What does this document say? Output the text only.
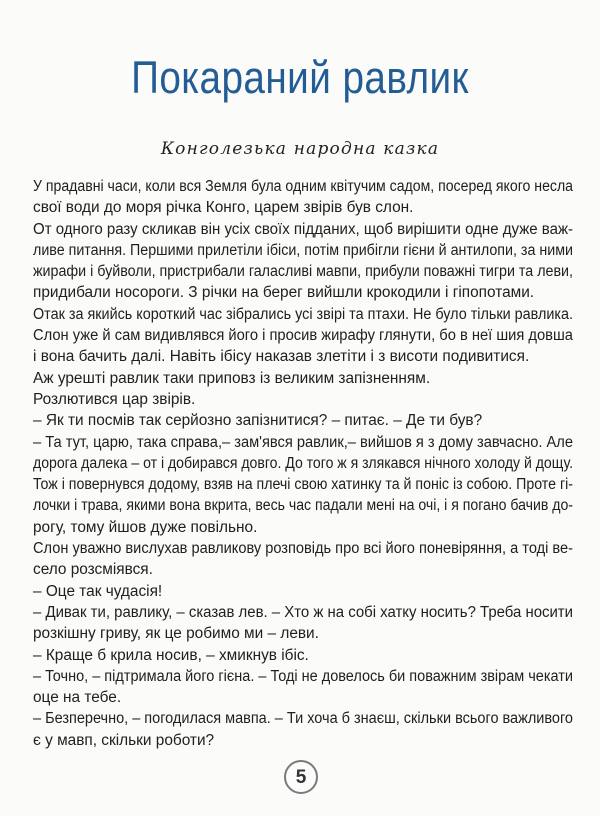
Покараний равлик
Конголезька народна казка
У прадавні часи, коли вся Земля була одним квітучим садом, посеред якого несла
свої води до моря річка Конго, царем звірів був слон.
От одного разу скликав він усіх своїх підданих, щоб вирішити одне дуже важ-
ливе питання. Першими прилетіли ібіси, потім прибігли гієни й антилопи, за ними
жирафи і буйволи, пристрибали галасливі мавпи, прибули поважні тигри та леви,
придибали носороги. З річки на берег вийшли крокодили і гіпопотами.
Отак за якийсь короткий час зібрались усі звірі та птахи. Не було тільки равлика.
Слон уже й сам видивлявся його і просив жирафу глянути, бо в неї шия довша
і вона бачить далі. Навіть ібісу наказав злетіти і з висоти подивитися.
Аж урешті равлик таки приповз із великим запізненням.
Розлютився цар звірів.
– Як ти посмів так серйозно запізнитися? – питає. – Де ти був?
– Та тут, царю, така справа,– зам'явся равлик,– вийшов я з дому завчасно. Але
дорога далека – от і добирався довго. До того ж я злякався нічного холоду й дощу.
Тож і повернувся додому, взяв на плечі свою хатинку та й поніс із собою. Проте гі-
лочки і трава, якими вона вкрита, весь час падали мені на очі, і я погано бачив до-
рогу, тому йшов дуже повільно.
Слон уважно вислухав равликову розповідь про всі його поневіряння, а тоді ве-
село розсміявся.
– Оце так чудасія!
– Дивак ти, равлику, – сказав лев. – Хто ж на собі хатку носить? Треба носити
розкішну гриву, як це робимо ми – леви.
– Краще б крила носив, – хмикнув ібіс.
– Точно, – підтримала його гієна. – Тоді не довелось би поважним звірам чекати
оце на тебе.
– Безперечно, – погодилася мавпа. – Ти хоча б знаєш, скільки всього важливого
є у мавп, скільки роботи?
5
